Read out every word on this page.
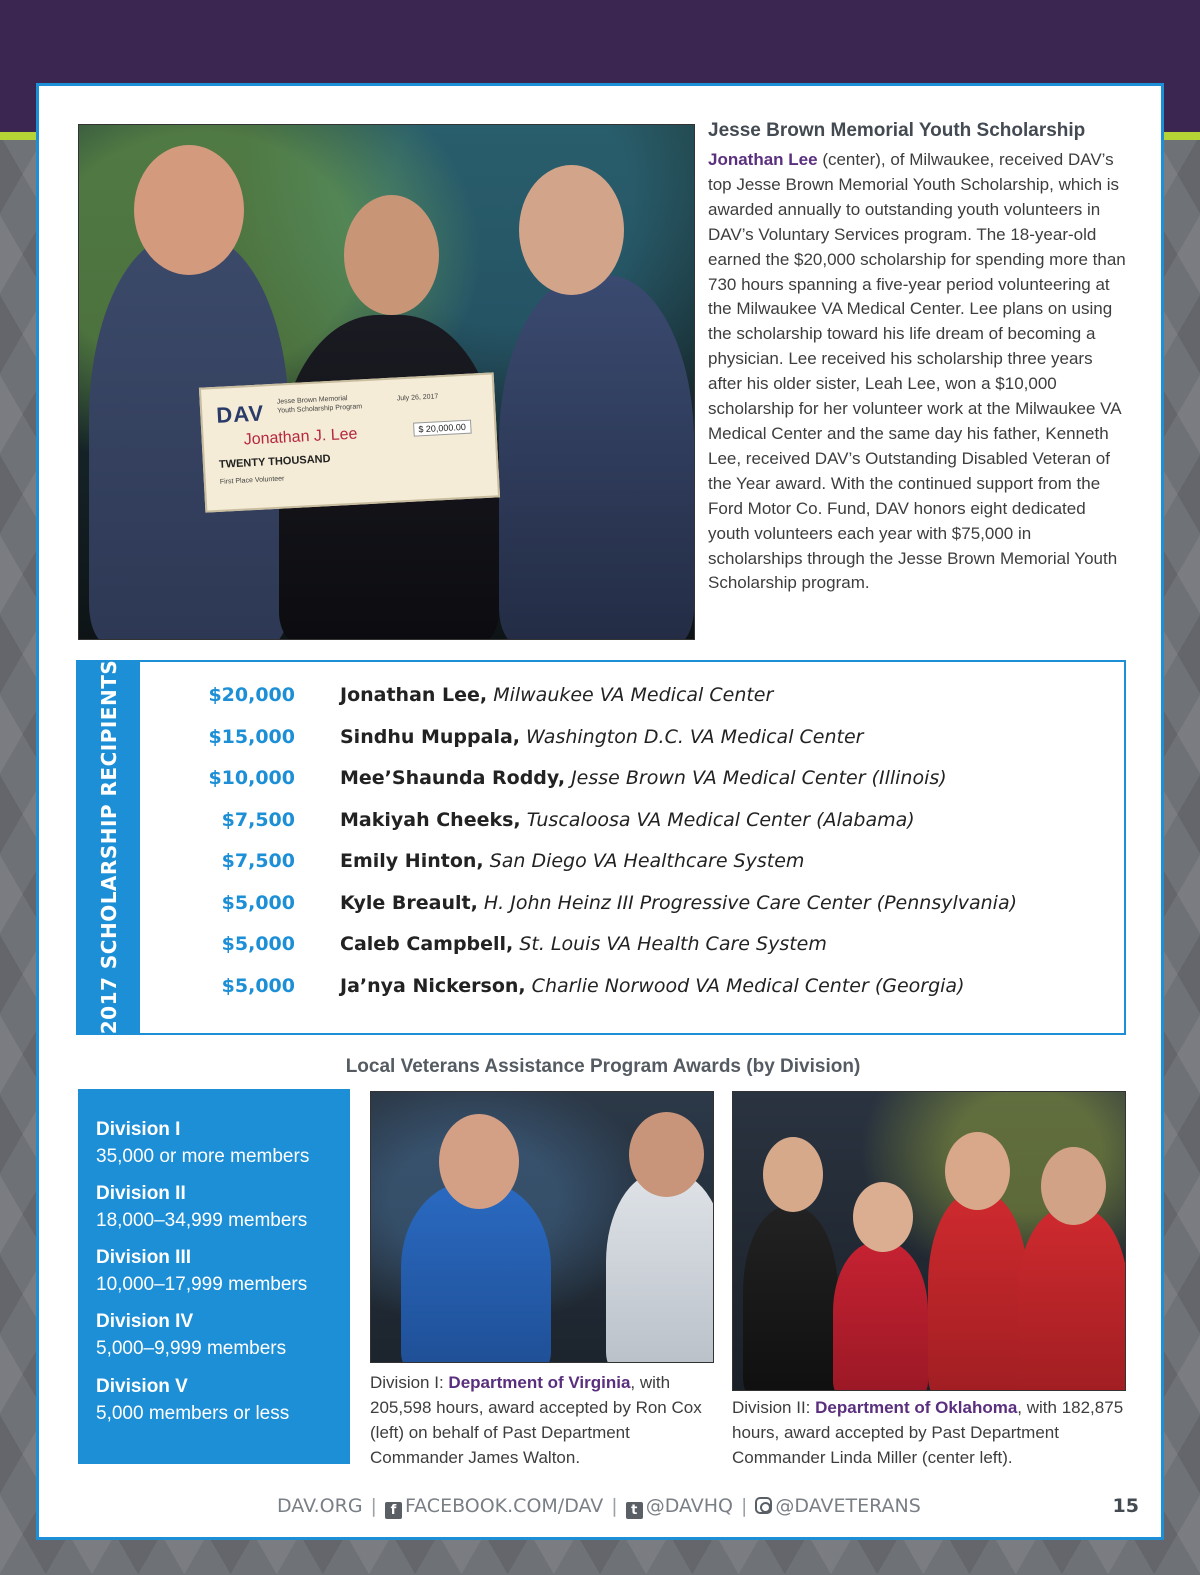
DAV
Jesse Brown Memorial Youth Scholarship Program
July 26, 2017
Jonathan J. Lee	$ 20,000.00
TWENTY THOUSAND
First Place Volunteer
Jesse Brown Memorial Youth Scholarship
Jonathan Lee (center), of Milwaukee, received DAV’s top Jesse Brown Memorial Youth Scholarship, which is awarded annually to outstanding youth volunteers in DAV’s Voluntary Services program. The 18-year-old earned the $20,000 scholarship for spending more than 730 hours spanning a five-year period volunteering at the Milwaukee VA Medical Center. Lee plans on using the scholarship toward his life dream of becoming a physician. Lee received his scholarship three years after his older sister, Leah Lee, won a $10,000 scholarship for her volunteer work at the Milwaukee VA Medical Center and the same day his father, Kenneth Lee, received DAV’s Outstanding Disabled Veteran of the Year award. With the continued support from the Ford Motor Co. Fund, DAV honors eight dedicated youth volunteers each year with $75,000 in scholarships through the Jesse Brown Memorial Youth Scholarship program.
2017 SCHOLARSHIP RECIPIENTS	$20,000 Jonathan Lee, Milwaukee VA Medical Center
$15,000 Sindhu Muppala, Washington D.C. VA Medical Center
$10,000 Mee’Shaunda Roddy, Jesse Brown VA Medical Center (Illinois)
$7,500 Makiyah Cheeks, Tuscaloosa VA Medical Center (Alabama)
$7,500 Emily Hinton, San Diego VA Healthcare System
$5,000 Kyle Breault, H. John Heinz III Progressive Care Center (Pennsylvania)
$5,000 Caleb Campbell, St. Louis VA Health Care System
$5,000 Ja’nya Nickerson, Charlie Norwood VA Medical Center (Georgia)
Local Veterans Assistance Program Awards (by Division)
Division I
35,000 or more members
Division II
18,000–34,999 members
Division III
10,000–17,999 members
Division IV
5,000–9,999 members
Division V
5,000 members or less
Division I: Department of Virginia, with 205,598 hours, award accepted by Ron Cox (left) on behalf of Past Department Commander James Walton.
Division II: Department of Oklahoma, with 182,875 hours, award accepted by Past Department Commander Linda Miller (center left).
DAV.ORG | f FACEBOOK.COM/DAV | t @DAVHQ | @DAVETERANS	15
